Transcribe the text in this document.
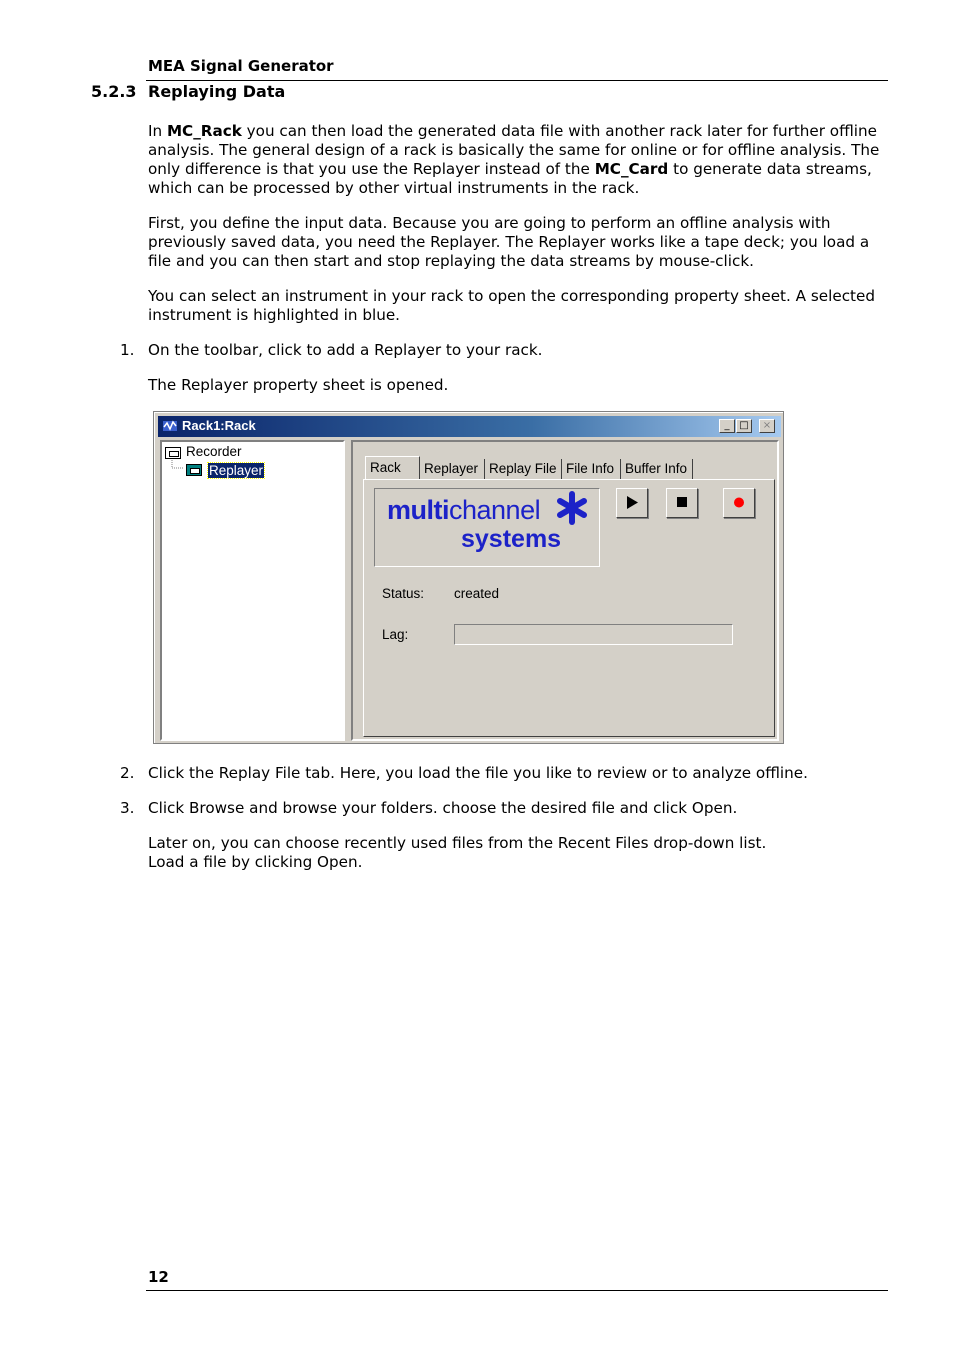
MEA Signal Generator
5.2.3 Replaying Data
In MC_Rack you can then load the generated data file with another rack later for further offline analysis. The general design of a rack is basically the same for online or for offline analysis. The only difference is that you use the Replayer instead of the MC_Card to generate data streams, which can be processed by other virtual instruments in the rack.
First, you define the input data. Because you are going to perform an offline analysis with previously saved data, you need the Replayer. The Replayer works like a tape deck; you load a file and you can then start and stop replaying the data streams by mouse-click.
You can select an instrument in your rack to open the corresponding property sheet. A selected instrument is highlighted in blue.
1. On the toolbar, click to add a Replayer to your rack.
The Replayer property sheet is opened.
Rack1:Rack	_ □	×
Recorder
Replayer	Rack	Replayer Replay File File Info Buffer Info
multichannel
systems
Status: created
Lag:
2. Click the Replay File tab. Here, you load the file you like to review or to analyze offline.
3. Click Browse and browse your folders. choose the desired file and click Open.
Later on, you can choose recently used files from the Recent Files drop-down list.
Load a file by clicking Open.
12
